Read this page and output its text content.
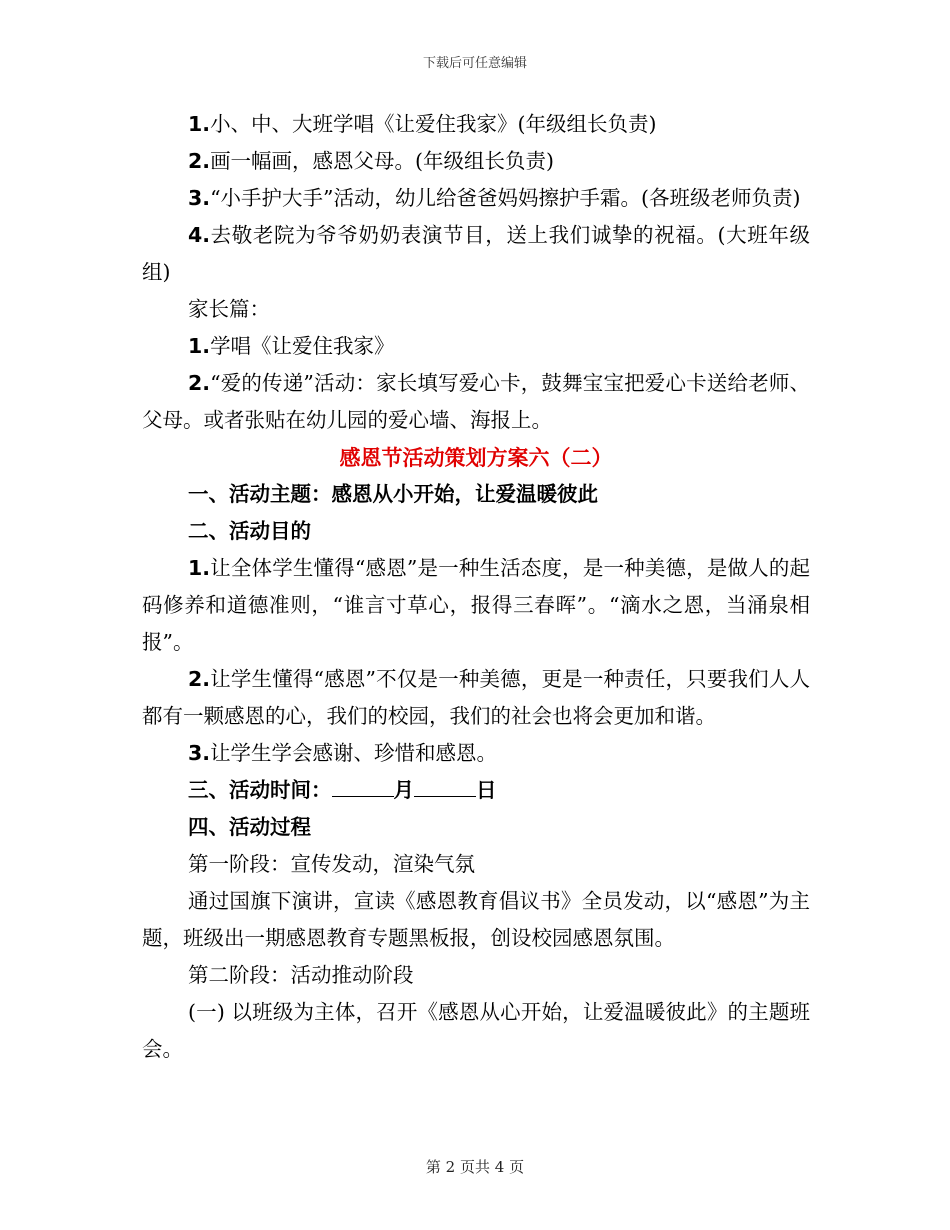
下载后可任意编辑

1.小、中、大班学唱《让爱住我家》(年级组长负责)

2.画一幅画，感恩父母。(年级组长负责)

3.“小手护大手”活动，幼儿给爸爸妈妈擦护手霜。(各班级老师负责)

4.去敬老院为爷爷奶奶表演节目，送上我们诚挚的祝福。(大班年级组)

家长篇：

1.学唱《让爱住我家》

2.“爱的传递”活动：家长填写爱心卡，鼓舞宝宝把爱心卡送给老师、父母。或者张贴在幼儿园的爱心墙、海报上。

感恩节活动策划方案六（二）

一、活动主题：感恩从小开始，让爱温暖彼此

二、活动目的

1.让全体学生懂得“感恩”是一种生活态度，是一种美德，是做人的起码修养和道德准则，“谁言寸草心，报得三春晖”。“滴水之恩，当涌泉相报”。

2.让学生懂得“感恩”不仅是一种美德，更是一种责任，只要我们人人都有一颗感恩的心，我们的校园，我们的社会也将会更加和谐。

3.让学生学会感谢、珍惜和感恩。

三、活动时间：	月	日

四、活动过程

第一阶段：宣传发动，渲染气氛

通过国旗下演讲，宣读《感恩教育倡议书》全员发动，以“感恩”为主题，班级出一期感恩教育专题黑板报，创设校园感恩氛围。

第二阶段：活动推动阶段

(一) 以班级为主体，召开《感恩从心开始，让爱温暖彼此》的主题班会。

第 2 页共 4 页
